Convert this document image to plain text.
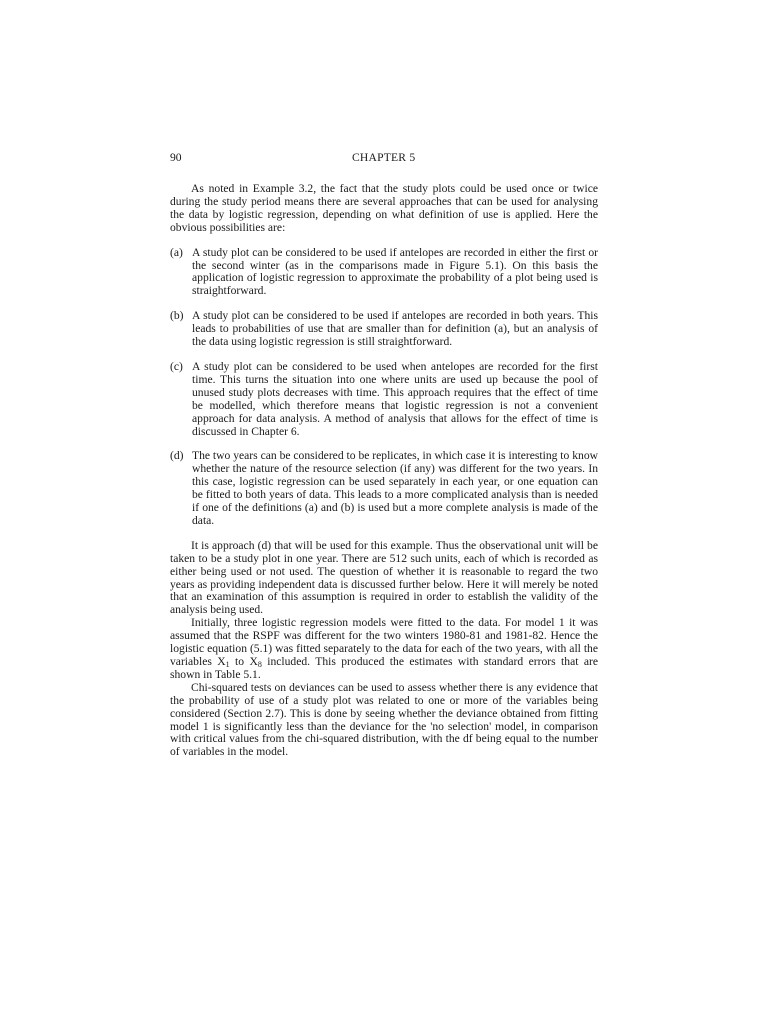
90	CHAPTER 5

As noted in Example 3.2, the fact that the study plots could be used once or twice during the study period means there are several approaches that can be used for analysing the data by logistic regression, depending on what definition of use is applied. Here the obvious possibilities are:

(a) A study plot can be considered to be used if antelopes are recorded in either the first or the second winter (as in the comparisons made in Figure 5.1). On this basis the application of logistic regression to approximate the probability of a plot being used is straightforward.
(b) A study plot can be considered to be used if antelopes are recorded in both years. This leads to probabilities of use that are smaller than for definition (a), but an analysis of the data using logistic regression is still straightforward.
(c) A study plot can be considered to be used when antelopes are recorded for the first time. This turns the situation into one where units are used up because the pool of unused study plots decreases with time. This approach requires that the effect of time be modelled, which therefore means that logistic regression is not a convenient approach for data analysis. A method of analysis that allows for the effect of time is discussed in Chapter 6.
(d) The two years can be considered to be replicates, in which case it is interesting to know whether the nature of the resource selection (if any) was different for the two years. In this case, logistic regression can be used separately in each year, or one equation can be fitted to both years of data. This leads to a more complicated analysis than is needed if one of the definitions (a) and (b) is used but a more complete analysis is made of the data.

It is approach (d) that will be used for this example. Thus the observational unit will be taken to be a study plot in one year. There are 512 such units, each of which is recorded as either being used or not used. The question of whether it is reasonable to regard the two years as providing independent data is discussed further below. Here it will merely be noted that an examination of this assumption is required in order to establish the validity of the analysis being used.

Initially, three logistic regression models were fitted to the data. For model 1 it was assumed that the RSPF was different for the two winters 1980-81 and 1981-82. Hence the logistic equation (5.1) was fitted separately to the data for each of the two years, with all the variables $X_1$ to $X_8$ included. This produced the estimates with standard errors that are shown in Table 5.1.

Chi-squared tests on deviances can be used to assess whether there is any evidence that the probability of use of a study plot was related to one or more of the variables being considered (Section 2.7). This is done by seeing whether the deviance obtained from fitting model 1 is significantly less than the deviance for the 'no selection' model, in comparison with critical values from the chi-squared distribution, with the df being equal to the number of variables in the model.
